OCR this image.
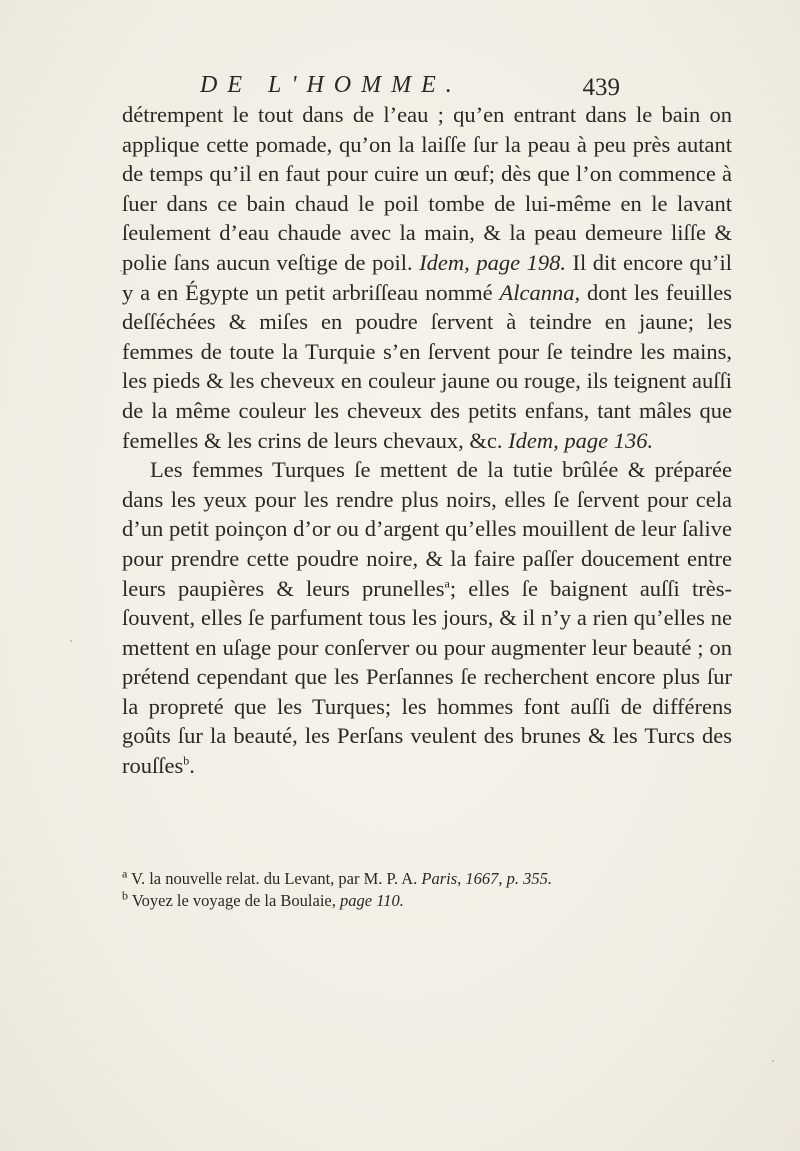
DE L'HOMME.	439

détrempent le tout dans de l’eau ; qu’en entrant dans le bain on applique cette pomade, qu’on la laiſſe ſur la peau à peu près autant de temps qu’il en faut pour cuire un œuf; dès que l’on commence à ſuer dans ce bain chaud le poil tombe de lui-même en le lavant ſeulement d’eau chaude avec la main, & la peau demeure liſſe & polie ſans aucun veſtige de poil. Idem, page 198. Il dit encore qu’il y a en Égypte un petit arbriſſeau nommé Alcanna, dont les feuilles deſſéchées & miſes en poudre ſervent à teindre en jaune; les femmes de toute la Turquie s’en ſervent pour ſe teindre les mains, les pieds & les cheveux en couleur jaune ou rouge, ils teignent auſſi de la même couleur les cheveux des petits enfans, tant mâles que femelles & les crins de leurs chevaux, &c. Idem, page 136.

Les femmes Turques ſe mettent de la tutie brûlée & préparée dans les yeux pour les rendre plus noirs, elles ſe ſervent pour cela d’un petit poinçon d’or ou d’argent qu’elles mouillent de leur ſalive pour prendre cette poudre noire, & la faire paſſer doucement entre leurs paupières & leurs prunelles$^a$; elles ſe baignent auſſi très-ſouvent, elles ſe parfument tous les jours, & il n’y a rien qu’elles ne mettent en uſage pour conſerver ou pour augmenter leur beauté ; on prétend cependant que les Perſannes ſe recherchent encore plus ſur la propreté que les Turques; les hommes font auſſi de différens goûts ſur la beauté, les Perſans veulent des brunes & les Turcs des rouſſes$^b$.

$^a$ V. la nouvelle relat. du Levant, par M. P. A. Paris, 1667, p. 355.
$^b$ Voyez le voyage de la Boulaie, page 110.
